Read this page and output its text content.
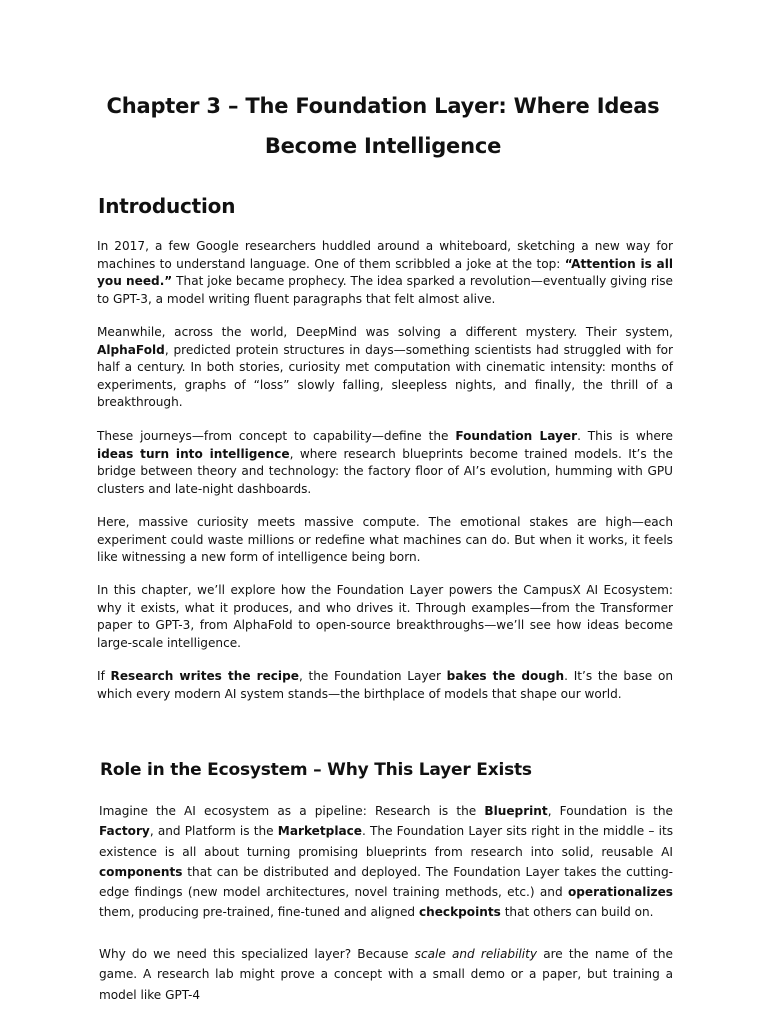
Chapter 3 – The Foundation Layer: Where Ideas Become Intelligence
Introduction

In 2017, a few Google researchers huddled around a whiteboard, sketching a new way for machines to understand language. One of them scribbled a joke at the top: “Attention is all you need.” That joke became prophecy. The idea sparked a revolution—eventually giving rise to GPT-3, a model writing fluent paragraphs that felt almost alive.

Meanwhile, across the world, DeepMind was solving a different mystery. Their system, AlphaFold, predicted protein structures in days—something scientists had struggled with for half a century. In both stories, curiosity met computation with cinematic intensity: months of experiments, graphs of “loss” slowly falling, sleepless nights, and finally, the thrill of a breakthrough.

These journeys—from concept to capability—define the Foundation Layer. This is where ideas turn into intelligence, where research blueprints become trained models. It’s the bridge between theory and technology: the factory floor of AI’s evolution, humming with GPU clusters and late-night dashboards.

Here, massive curiosity meets massive compute. The emotional stakes are high—each experiment could waste millions or redefine what machines can do. But when it works, it feels like witnessing a new form of intelligence being born.

In this chapter, we’ll explore how the Foundation Layer powers the CampusX AI Ecosystem: why it exists, what it produces, and who drives it. Through examples—from the Transformer paper to GPT-3, from AlphaFold to open-source breakthroughs—we’ll see how ideas become large-scale intelligence.

If Research writes the recipe, the Foundation Layer bakes the dough. It’s the base on which every modern AI system stands—the birthplace of models that shape our world.

Role in the Ecosystem – Why This Layer Exists

Imagine the AI ecosystem as a pipeline: Research is the Blueprint, Foundation is the Factory, and Platform is the Marketplace. The Foundation Layer sits right in the middle – its existence is all about turning promising blueprints from research into solid, reusable AI components that can be distributed and deployed. The Foundation Layer takes the cutting-edge findings (new model architectures, novel training methods, etc.) and operationalizes them, producing pre-trained, fine-tuned and aligned checkpoints that others can build on.

Why do we need this specialized layer? Because scale and reliability are the name of the game. A research lab might prove a concept with a small demo or a paper, but training a model like GPT-4
